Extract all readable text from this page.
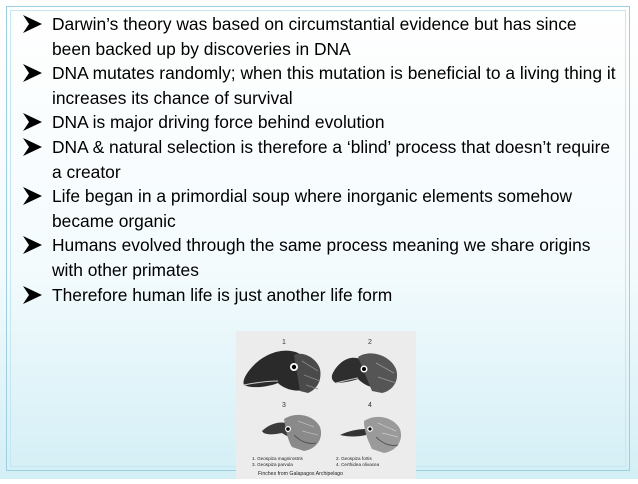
Darwin’s theory was based on circumstantial evidence but has since been backed up by discoveries in DNA
DNA mutates randomly; when this mutation is beneficial to a living thing it increases its chance of survival
DNA is major driving force behind evolution
DNA & natural selection is therefore a ‘blind’ process that doesn’t require a creator
Life began in a primordial soup where inorganic elements somehow became organic
Humans evolved through the same process meaning we share origins with other primates
Therefore human life is just another life form
1	2
3	4
1. Geospiza magnirostris	2. Geospiza fortis
3. Geospiza parvula	4. Certhidea olivacea
Finches from Galapagos Archipelago
